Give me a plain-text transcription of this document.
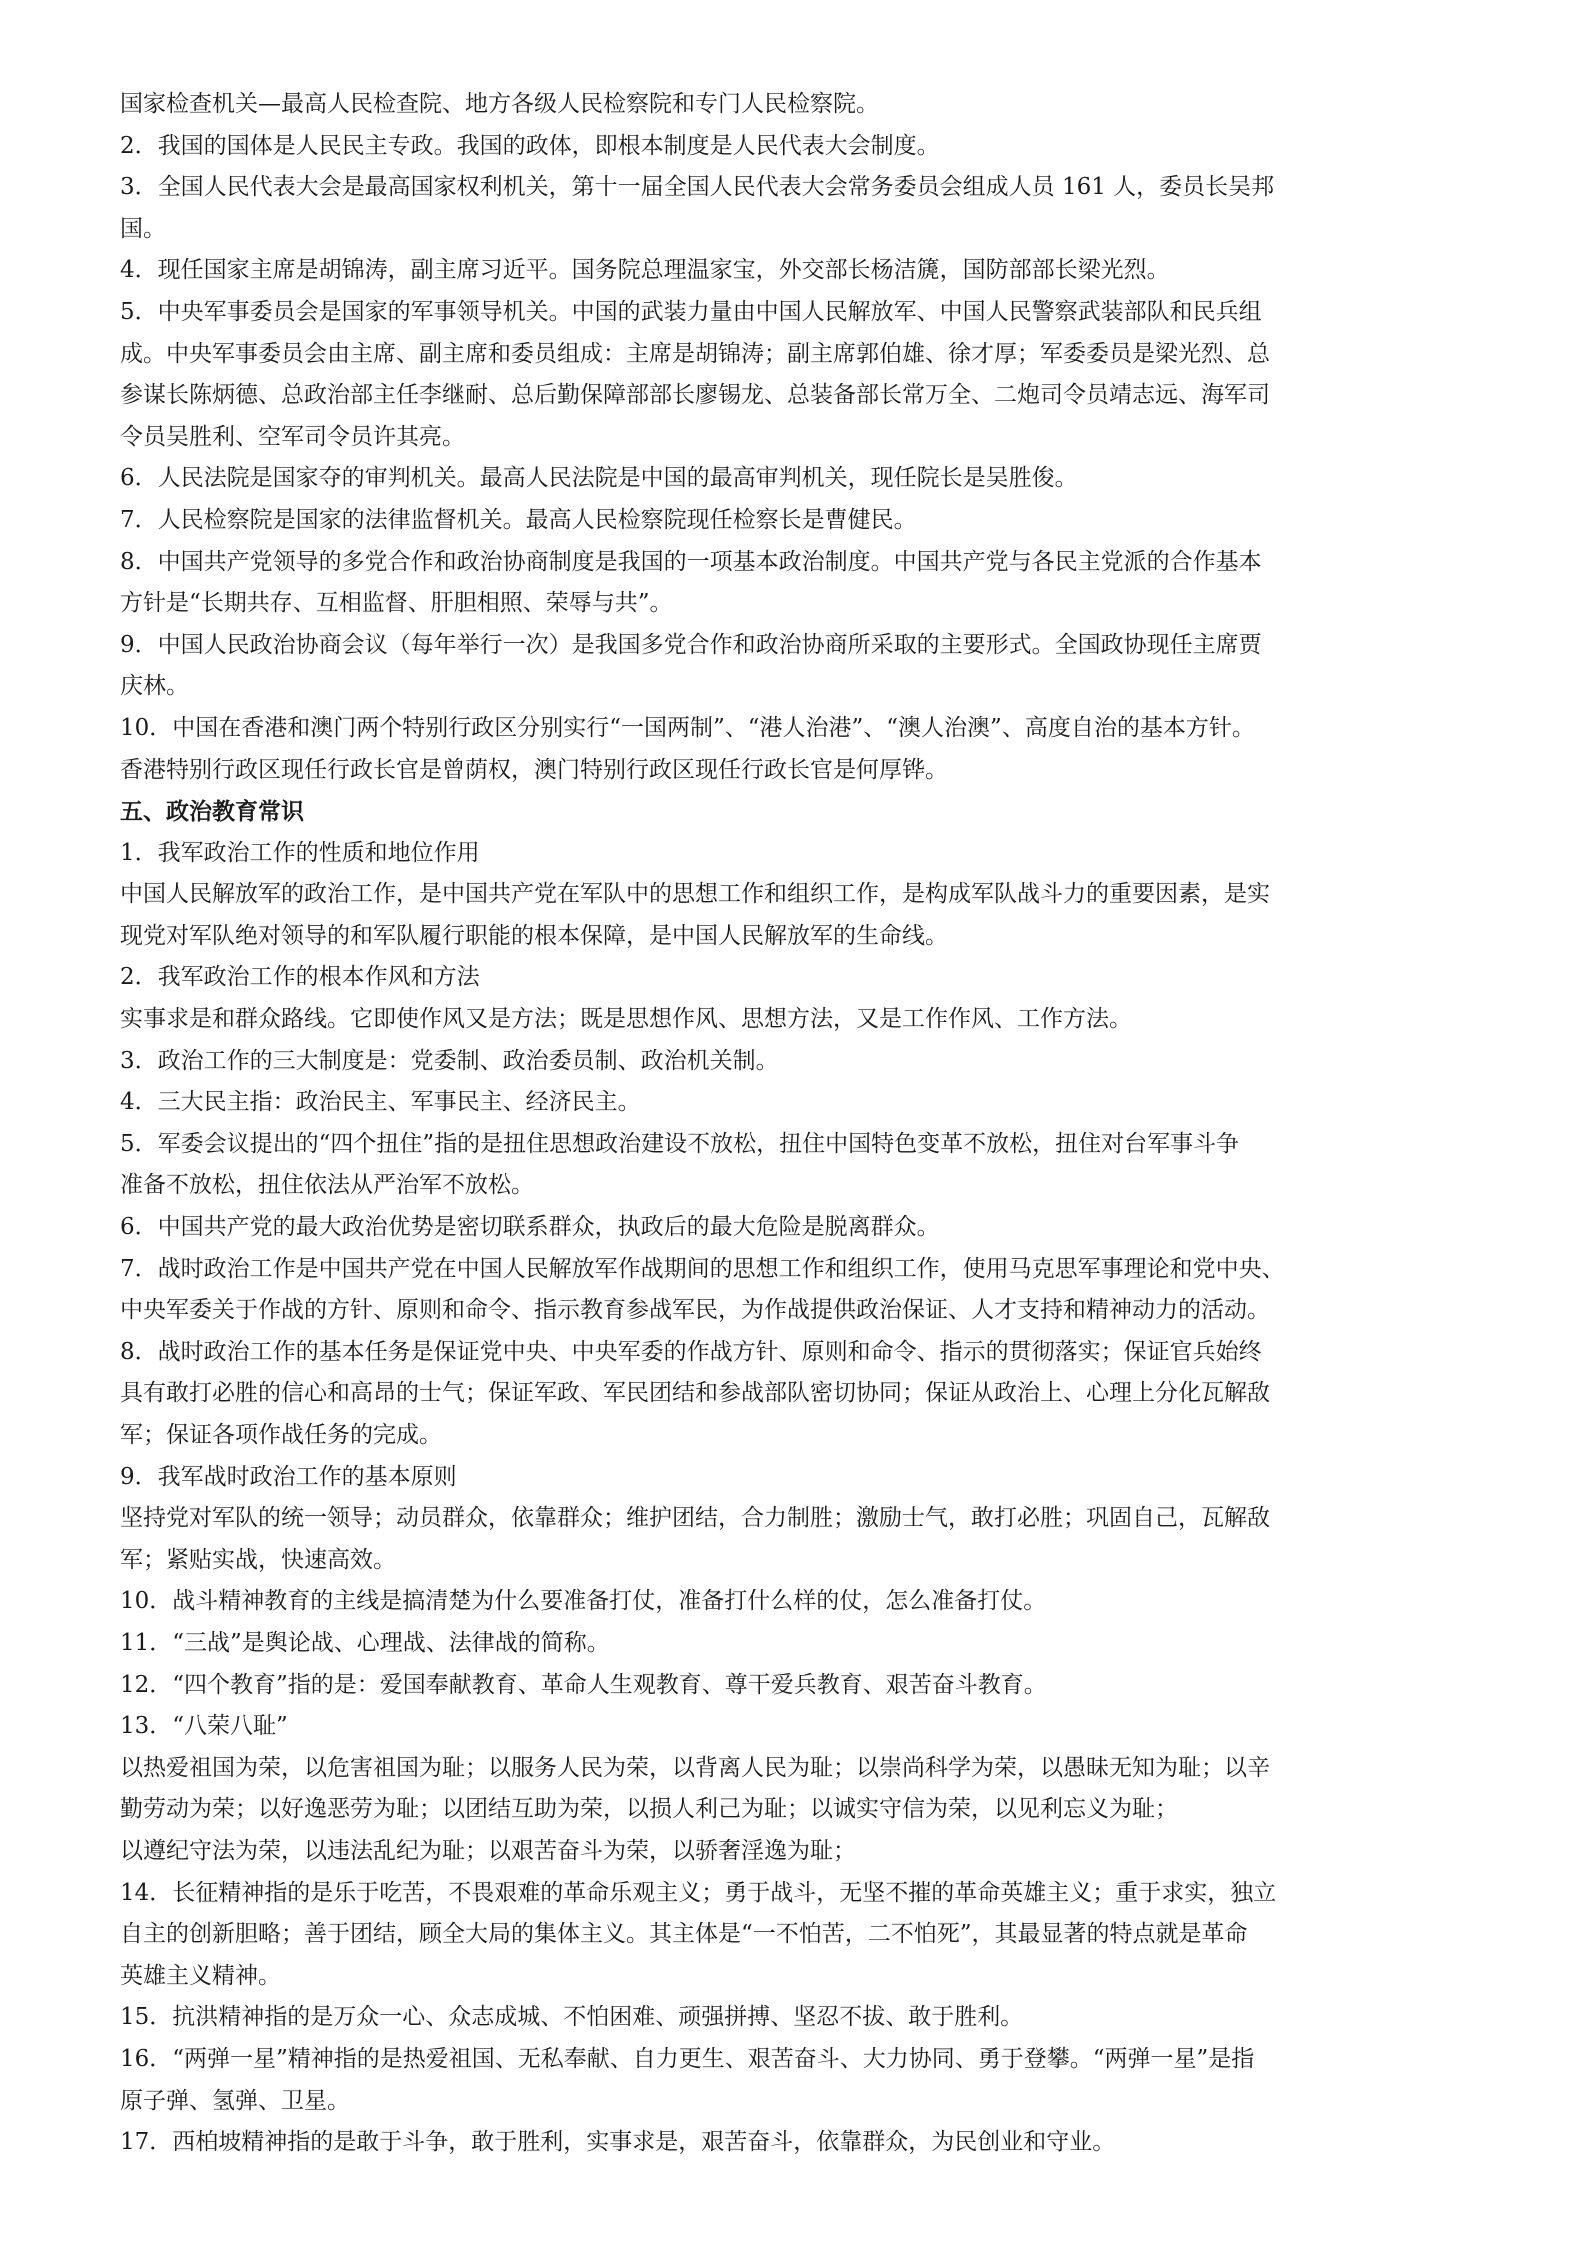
国家检查机关—最高人民检查院、地方各级人民检察院和专门人民检察院。
2．我国的国体是人民民主专政。我国的政体，即根本制度是人民代表大会制度。
3．全国人民代表大会是最高国家权利机关，第十一届全国人民代表大会常务委员会组成人员 161 人，委员长吴邦
国。
4．现任国家主席是胡锦涛，副主席习近平。国务院总理温家宝，外交部长杨洁篪，国防部部长梁光烈。
5．中央军事委员会是国家的军事领导机关。中国的武装力量由中国人民解放军、中国人民警察武装部队和民兵组
成。中央军事委员会由主席、副主席和委员组成：主席是胡锦涛；副主席郭伯雄、徐才厚；军委委员是梁光烈、总
参谋长陈炳德、总政治部主任李继耐、总后勤保障部部长廖锡龙、总装备部长常万全、二炮司令员靖志远、海军司
令员吴胜利、空军司令员许其亮。
6．人民法院是国家夺的审判机关。最高人民法院是中国的最高审判机关，现任院长是吴胜俊。
7．人民检察院是国家的法律监督机关。最高人民检察院现任检察长是曹健民。
8．中国共产党领导的多党合作和政治协商制度是我国的一项基本政治制度。中国共产党与各民主党派的合作基本
方针是“长期共存、互相监督、肝胆相照、荣辱与共”。
9．中国人民政治协商会议（每年举行一次）是我国多党合作和政治协商所采取的主要形式。全国政协现任主席贾
庆林。
10．中国在香港和澳门两个特别行政区分别实行“一国两制”、“港人治港”、“澳人治澳”、高度自治的基本方针。
香港特别行政区现任行政长官是曾荫权，澳门特别行政区现任行政长官是何厚铧。
五、政治教育常识
1．我军政治工作的性质和地位作用
中国人民解放军的政治工作，是中国共产党在军队中的思想工作和组织工作，是构成军队战斗力的重要因素，是实
现党对军队绝对领导的和军队履行职能的根本保障，是中国人民解放军的生命线。
2．我军政治工作的根本作风和方法
实事求是和群众路线。它即使作风又是方法；既是思想作风、思想方法，又是工作作风、工作方法。
3．政治工作的三大制度是：党委制、政治委员制、政治机关制。
4．三大民主指：政治民主、军事民主、经济民主。
5．军委会议提出的“四个扭住”指的是扭住思想政治建设不放松，扭住中国特色变革不放松，扭住对台军事斗争
准备不放松，扭住依法从严治军不放松。
6．中国共产党的最大政治优势是密切联系群众，执政后的最大危险是脱离群众。
7．战时政治工作是中国共产党在中国人民解放军作战期间的思想工作和组织工作，使用马克思军事理论和党中央、
中央军委关于作战的方针、原则和命令、指示教育参战军民，为作战提供政治保证、人才支持和精神动力的活动。
8．战时政治工作的基本任务是保证党中央、中央军委的作战方针、原则和命令、指示的贯彻落实；保证官兵始终
具有敢打必胜的信心和高昂的士气；保证军政、军民团结和参战部队密切协同；保证从政治上、心理上分化瓦解敌
军；保证各项作战任务的完成。
9．我军战时政治工作的基本原则
坚持党对军队的统一领导；动员群众，依靠群众；维护团结，合力制胜；激励士气，敢打必胜；巩固自己，瓦解敌
军；紧贴实战，快速高效。
10．战斗精神教育的主线是搞清楚为什么要准备打仗，准备打什么样的仗，怎么准备打仗。
11．“三战”是舆论战、心理战、法律战的简称。
12．“四个教育”指的是：爱国奉献教育、革命人生观教育、尊干爱兵教育、艰苦奋斗教育。
13．“八荣八耻”
以热爱祖国为荣，以危害祖国为耻；以服务人民为荣，以背离人民为耻；以崇尚科学为荣，以愚昧无知为耻；以辛
勤劳动为荣；以好逸恶劳为耻；以团结互助为荣，以损人利己为耻；以诚实守信为荣，以见利忘义为耻；
以遵纪守法为荣，以违法乱纪为耻；以艰苦奋斗为荣，以骄奢淫逸为耻；
14．长征精神指的是乐于吃苦，不畏艰难的革命乐观主义；勇于战斗，无坚不摧的革命英雄主义；重于求实，独立
自主的创新胆略；善于团结，顾全大局的集体主义。其主体是“一不怕苦，二不怕死”，其最显著的特点就是革命
英雄主义精神。
15．抗洪精神指的是万众一心、众志成城、不怕困难、顽强拼搏、坚忍不拔、敢于胜利。
16．“两弹一星”精神指的是热爱祖国、无私奉献、自力更生、艰苦奋斗、大力协同、勇于登攀。“两弹一星”是指
原子弹、氢弹、卫星。
17．西柏坡精神指的是敢于斗争，敢于胜利，实事求是，艰苦奋斗，依靠群众，为民创业和守业。
